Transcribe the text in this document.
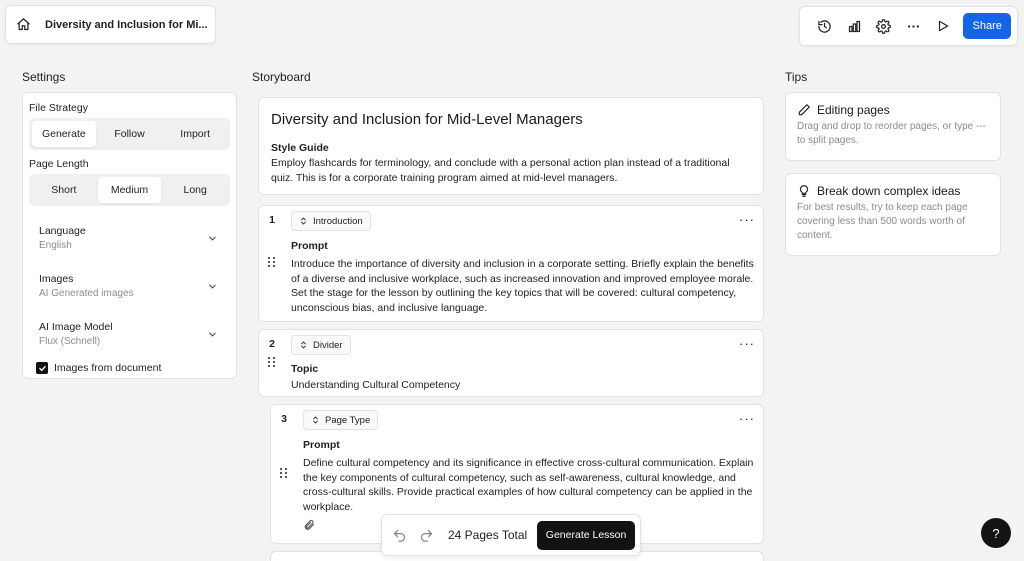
Diversity and Inclusion for Mi...	Share
Settings	Storyboard	Tips
File Strategy
Generate	Follow	Import
Page Length
Short	Medium	Long
Language
English
Images
AI Generated images
AI Image Model
Flux (Schnell)
Images from document
Diversity and Inclusion for Mid-Level Managers
Style Guide
Employ flashcards for terminology, and conclude with a personal action plan instead of a traditional quiz. This is for a corporate training program aimed at mid-level managers.
1	Introduction	···
Prompt
Introduce the importance of diversity and inclusion in a corporate setting. Briefly explain the benefits of a diverse and inclusive workplace, such as increased innovation and improved employee morale. Set the stage for the lesson by outlining the key topics that will be covered: cultural competency, unconscious bias, and inclusive language.
2	Divider	···
Topic
Understanding Cultural Competency
3	Page Type	···
Prompt
Define cultural competency and its significance in effective cross-cultural communication. Explain the key components of cultural competency, such as self-awareness, cultural knowledge, and cross-cultural skills. Provide practical examples of how cultural competency can be applied in the workplace.
Editing pages
Drag and drop to reorder pages, or type --- to split pages.
Break down complex ideas
For best results, try to keep each page covering less than 500 words worth of content.
24 Pages Total	Generate Lesson	?
